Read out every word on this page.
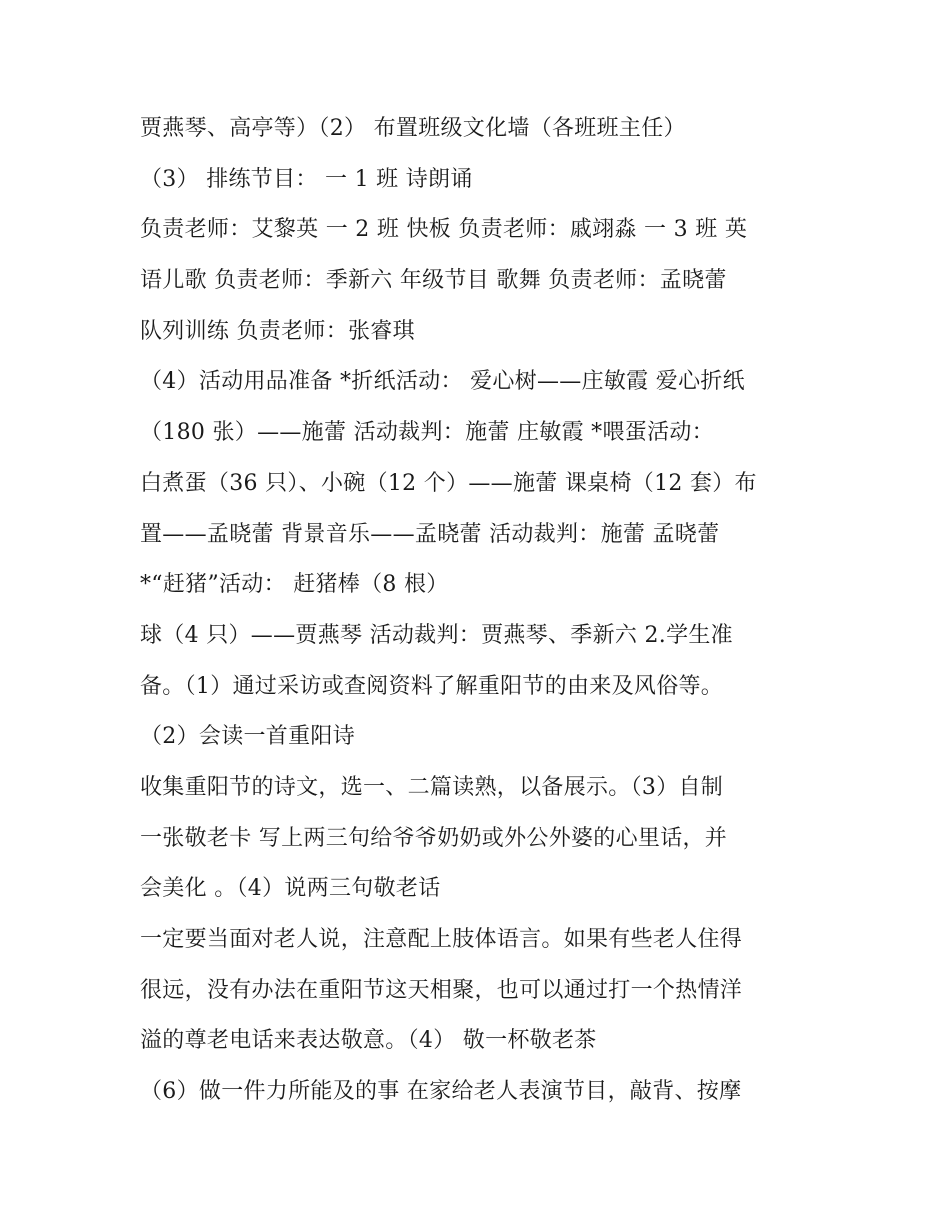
贾燕琴、高亭等）（2） 布置班级文化墙（各班班主任）
（3） 排练节目： 一 1 班 诗朗诵
负责老师：艾黎英 一 2 班 快板 负责老师：戚翊淼 一 3 班 英
语儿歌 负责老师：季新六 年级节目 歌舞 负责老师：孟晓蕾
队列训练 负责老师：张睿琪
（4）活动用品准备 *折纸活动： 爱心树——庄敏霞 爱心折纸
（180 张）——施蕾 活动裁判：施蕾 庄敏霞 *喂蛋活动：
白煮蛋（36 只）、小碗（12 个）——施蕾 课桌椅（12 套）布
置——孟晓蕾 背景音乐——孟晓蕾 活动裁判：施蕾 孟晓蕾
*“赶猪”活动： 赶猪棒（8 根）
球（4 只）——贾燕琴 活动裁判：贾燕琴、季新六 2.学生准
备。（1）通过采访或查阅资料了解重阳节的由来及风俗等。
（2）会读一首重阳诗
收集重阳节的诗文，选一、二篇读熟，以备展示。（3）自制
一张敬老卡 写上两三句给爷爷奶奶或外公外婆的心里话，并
会美化 。（4）说两三句敬老话
一定要当面对老人说，注意配上肢体语言。如果有些老人住得
很远，没有办法在重阳节这天相聚，也可以通过打一个热情洋
溢的尊老电话来表达敬意。（4） 敬一杯敬老茶
（6）做一件力所能及的事 在家给老人表演节目，敲背、按摩
